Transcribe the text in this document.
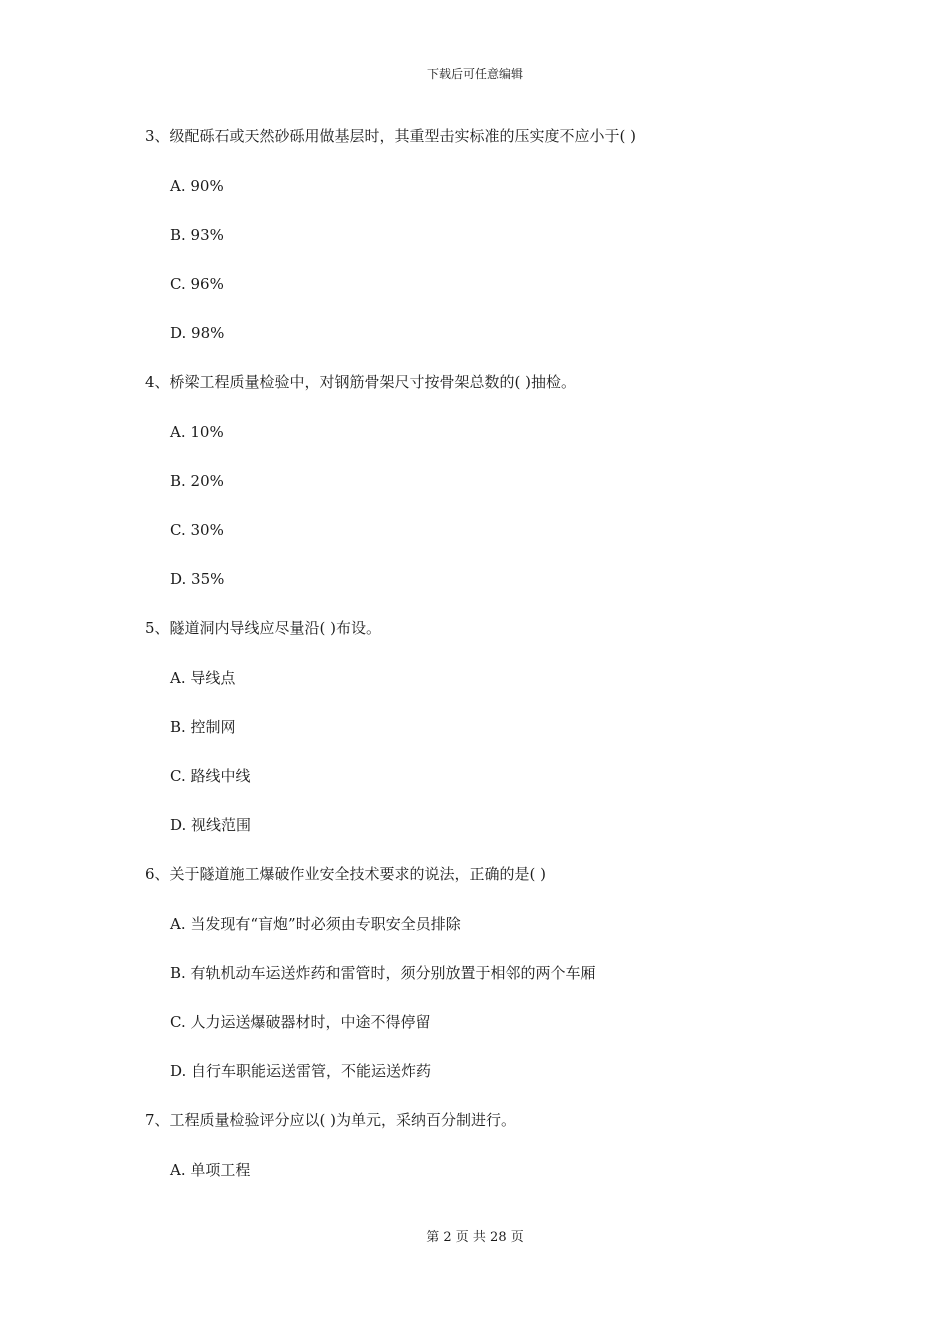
下载后可任意编辑
3、级配砾石或天然砂砾用做基层时，其重型击实标准的压实度不应小于( )
A. 90%
B. 93%
C. 96%
D. 98%
4、桥梁工程质量检验中，对钢筋骨架尺寸按骨架总数的( )抽检。
A. 10%
B. 20%
C. 30%
D. 35%
5、隧道洞内导线应尽量沿( )布设。
A. 导线点
B. 控制网
C. 路线中线
D. 视线范围
6、关于隧道施工爆破作业安全技术要求的说法，正确的是( )
A. 当发现有“盲炮”时必须由专职安全员排除
B. 有轨机动车运送炸药和雷管时，须分别放置于相邻的两个车厢
C. 人力运送爆破器材时，中途不得停留
D. 自行车职能运送雷管，不能运送炸药
7、工程质量检验评分应以( )为单元，采纳百分制进行。
A. 单项工程
第 2 页 共 28 页
